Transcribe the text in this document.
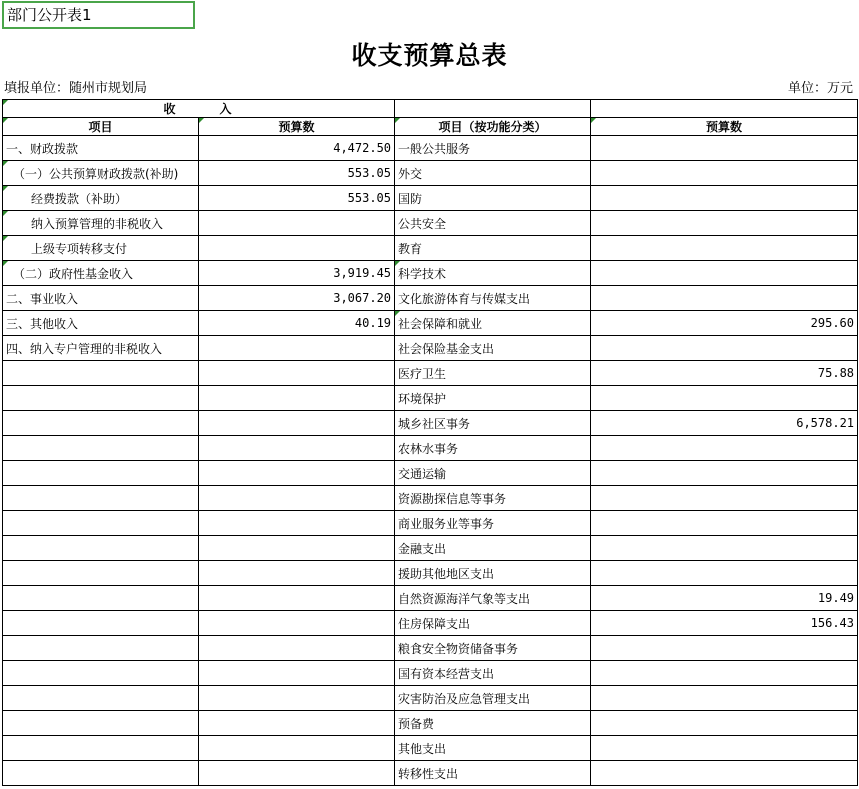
部门公开表1
收支预算总表
填报单位：随州市规划局	单位：万元
收　　　入			
项目	预算数	项目（按功能分类）	预算数
一、财政拨款	4,472.50	一般公共服务	
（一）公共预算财政拨款(补助)	553.05	外交	
经费拨款（补助）	553.05	国防	
纳入预算管理的非税收入		公共安全	
上级专项转移支付		教育	
（二）政府性基金收入	3,919.45	科学技术	
二、事业收入	3,067.20	文化旅游体育与传媒支出	
三、其他收入	40.19	社会保障和就业	295.60
四、纳入专户管理的非税收入		社会保险基金支出	
		医疗卫生	75.88
		环境保护	
		城乡社区事务	6,578.21
		农林水事务	
		交通运输	
		资源勘探信息等事务	
		商业服务业等事务	
		金融支出	
		援助其他地区支出	
		自然资源海洋气象等支出	19.49
		住房保障支出	156.43
		粮食安全物资储备事务	
		国有资本经营支出	
		灾害防治及应急管理支出	
		预备费	
		其他支出	
		转移性支出	
